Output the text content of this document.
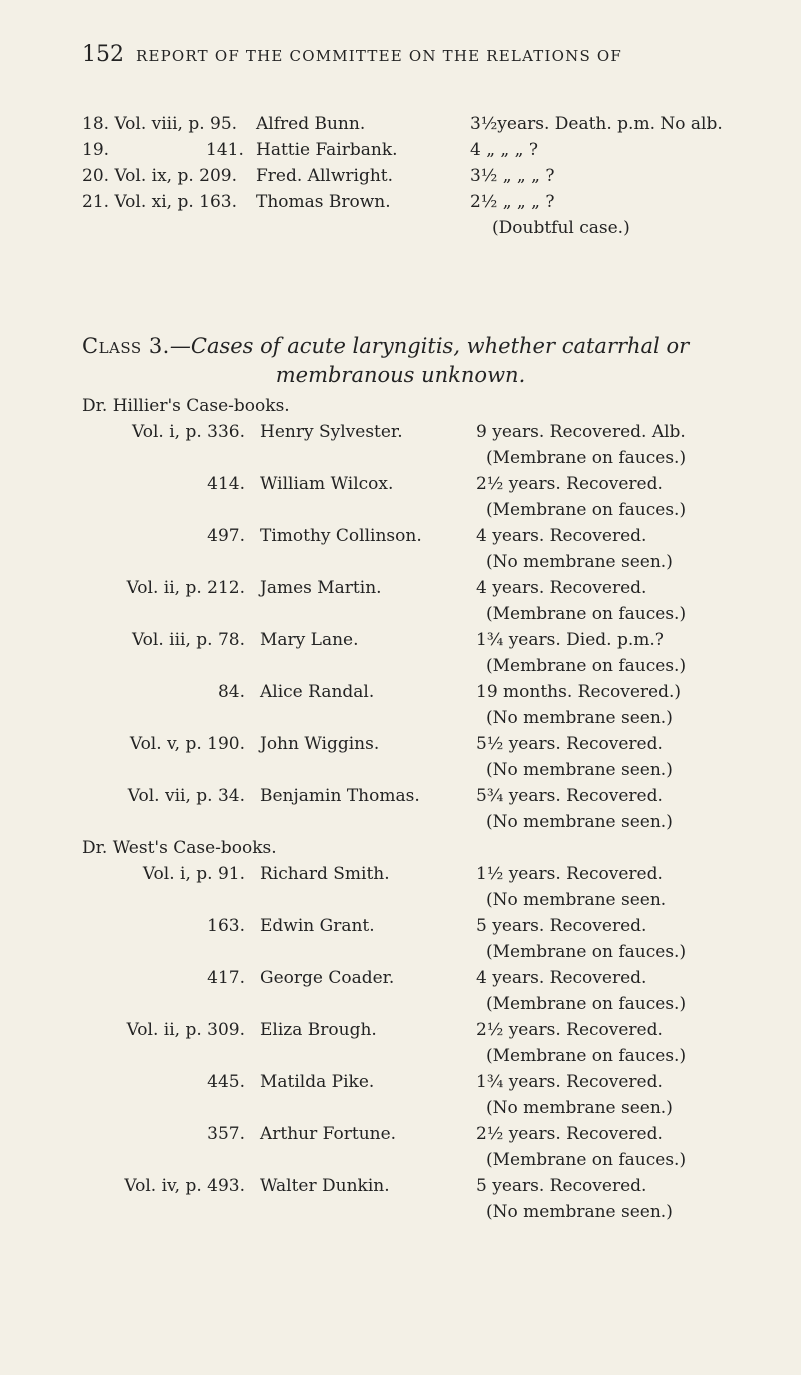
152 REPORT OF THE COMMITTEE ON THE RELATIONS OF
18. Vol. viii, p. 95. Alfred Bunn.	3½years. Death. p.m. No alb.
19.	141. Hattie Fairbank.	4 „ „ „ ?
20. Vol. ix, p. 209. Fred. Allwright.	3½ „ „ „ ?
21. Vol. xi, p. 163. Thomas Brown.	2½ „ „ „ ?
(Doubtful case.)
Class 3.—Cases of acute laryngitis, whether catarrhal or
membranous unknown.
Dr. Hillier's Case-books.
Vol. i, p. 336. Henry Sylvester.	9 years. Recovered. Alb.
(Membrane on fauces.)
414. William Wilcox.	2½ years. Recovered.
(Membrane on fauces.)
497. Timothy Collinson.	4 years. Recovered.
(No membrane seen.)
Vol. ii, p. 212. James Martin.	4 years. Recovered.
(Membrane on fauces.)
Vol. iii, p. 78. Mary Lane.	1¾ years. Died. p.m.?
(Membrane on fauces.)
84. Alice Randal.	19 months. Recovered.)
(No membrane seen.)
Vol. v, p. 190. John Wiggins.	5½ years. Recovered.
(No membrane seen.)
Vol. vii, p. 34. Benjamin Thomas.	5¾ years. Recovered.
(No membrane seen.)
Dr. West's Case-books.
Vol. i, p. 91. Richard Smith.	1½ years. Recovered.
(No membrane seen.
163. Edwin Grant.	5 years. Recovered.
(Membrane on fauces.)
417. George Coader.	4 years. Recovered.
(Membrane on fauces.)
Vol. ii, p. 309. Eliza Brough.	2½ years. Recovered.
(Membrane on fauces.)
445. Matilda Pike.	1¾ years. Recovered.
(No membrane seen.)
357. Arthur Fortune.	2½ years. Recovered.
(Membrane on fauces.)
Vol. iv, p. 493. Walter Dunkin.	5 years. Recovered.
(No membrane seen.)
